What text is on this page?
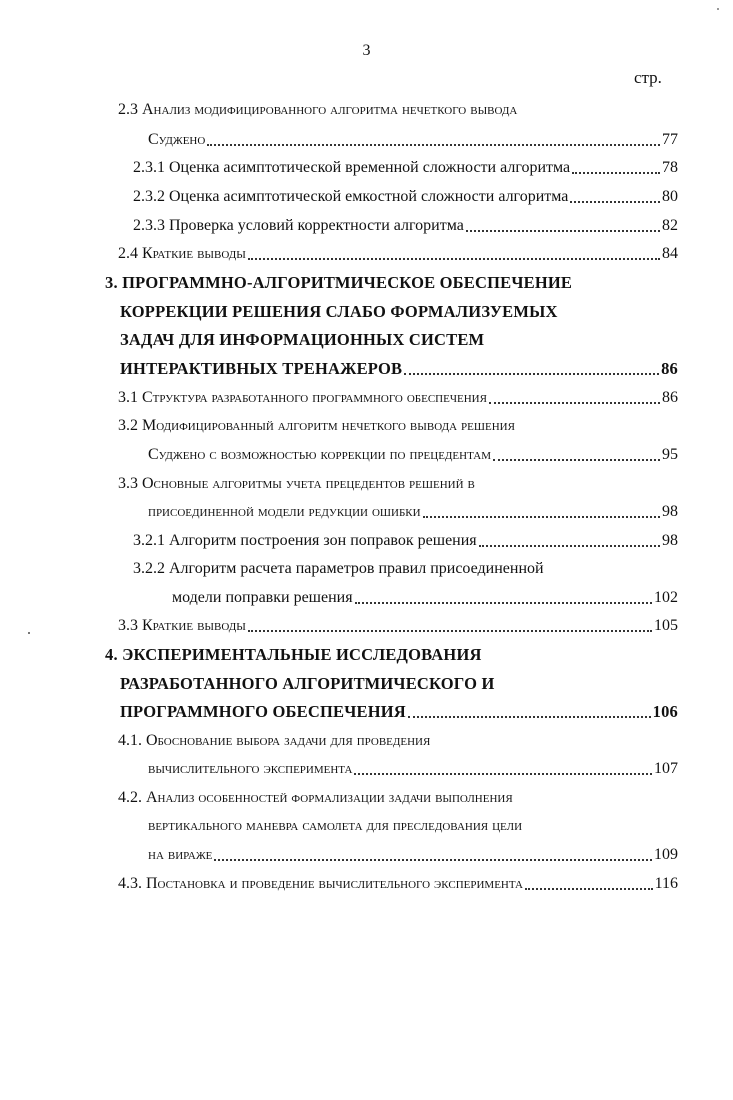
3
стр.
2.3 Анализ модифицированного алгоритма нечеткого вывода
Суджено	77
2.3.1 Оценка асимптотической временной сложности алгоритма	78
2.3.2 Оценка асимптотической емкостной сложности алгоритма	80
2.3.3 Проверка условий корректности алгоритма	82
2.4 Краткие выводы	84
3. ПРОГРАММНО-АЛГОРИТМИЧЕСКОЕ ОБЕСПЕЧЕНИЕ
КОРРЕКЦИИ РЕШЕНИЯ СЛАБО ФОРМАЛИЗУЕМЫХ
ЗАДАЧ ДЛЯ ИНФОРМАЦИОННЫХ СИСТЕМ
ИНТЕРАКТИВНЫХ ТРЕНАЖЕРОВ	86
3.1 Структура разработанного программного обеспечения	86
3.2 Модифицированный алгоритм нечеткого вывода решения
Суджено с возможностью коррекции по прецедентам	95
3.3 Основные алгоритмы учета прецедентов решений в
присоединенной модели редукции ошибки	98
3.2.1 Алгоритм построения зон поправок решения	98
3.2.2 Алгоритм расчета параметров правил присоединенной
модели поправки решения	102
3.3 Краткие выводы	105
4. ЭКСПЕРИМЕНТАЛЬНЫЕ ИССЛЕДОВАНИЯ
РАЗРАБОТАННОГО АЛГОРИТМИЧЕСКОГО И
ПРОГРАММНОГО ОБЕСПЕЧЕНИЯ	106
4.1. Обоснование выбора задачи для проведения
вычислительного эксперимента	107
4.2. Анализ особенностей формализации задачи выполнения
вертикального маневра самолета для преследования цели
на вираже	109
4.3. Постановка и проведение вычислительного эксперимента	116
